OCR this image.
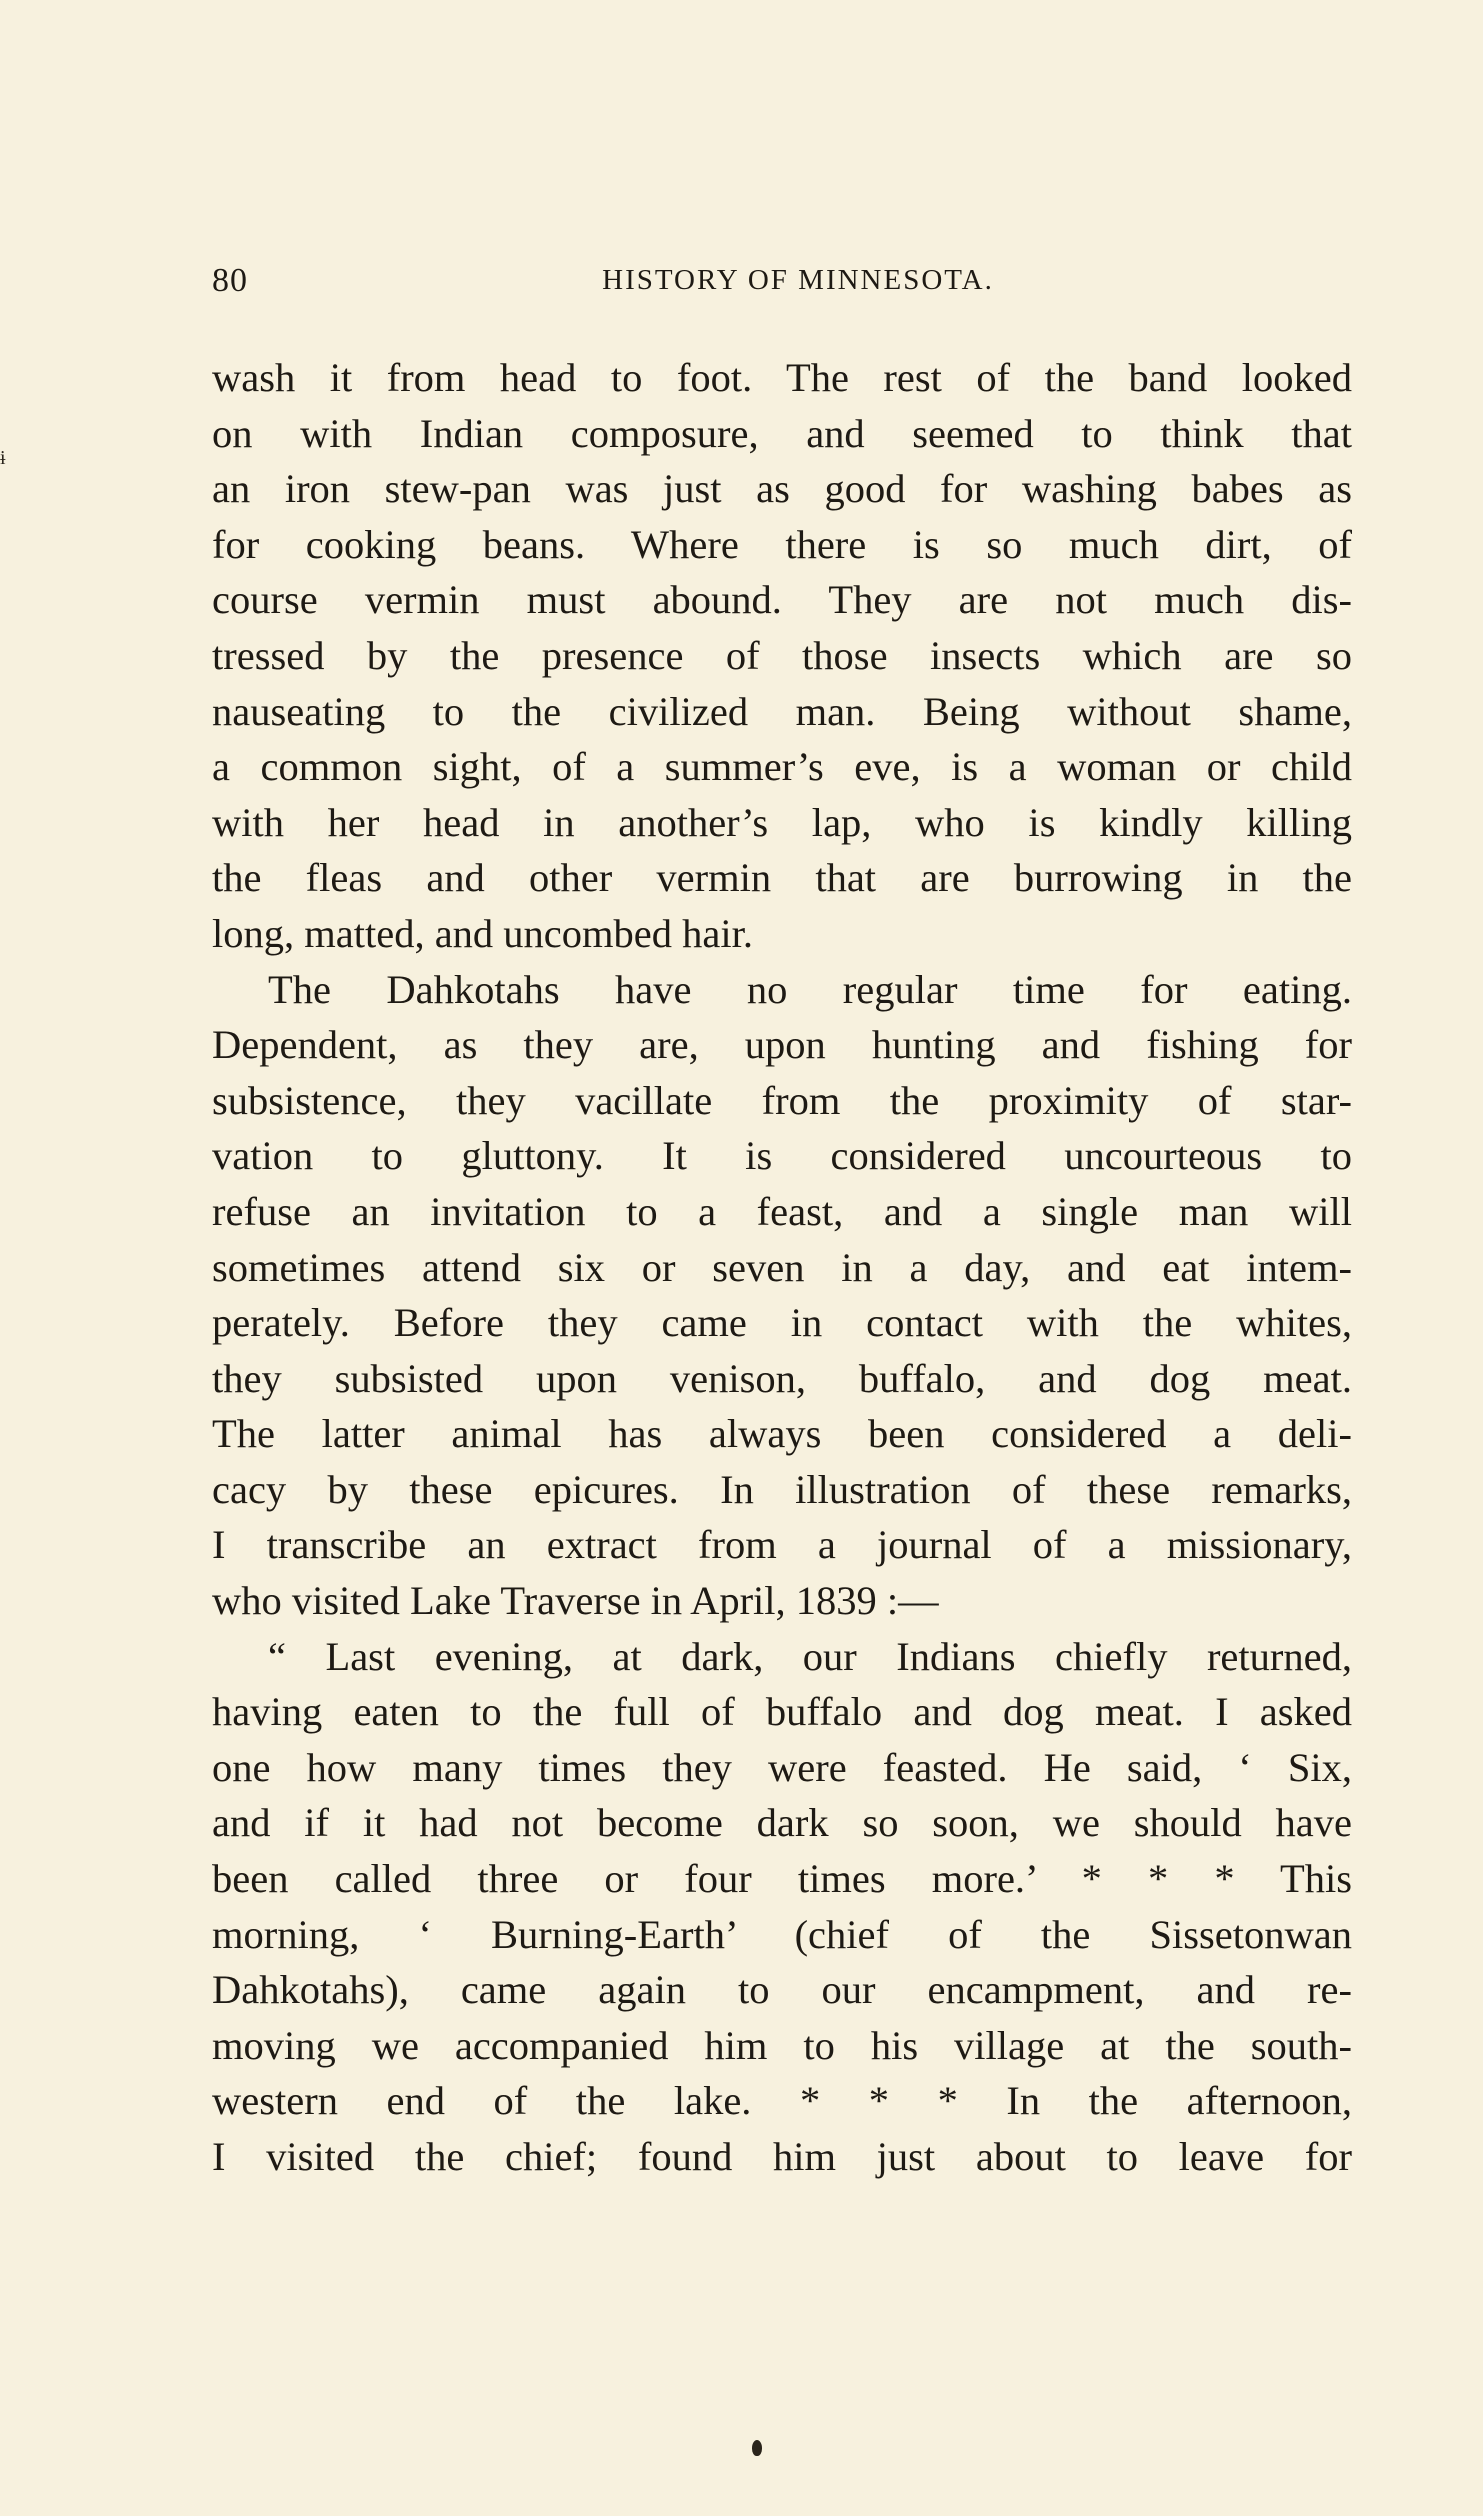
80	HISTORY OF MINNESOTA.
ɨ
wash it from head to foot. The rest of the band looked
on with Indian composure, and seemed to think that
an iron stew-pan was just as good for washing babes as
for cooking beans. Where there is so much dirt, of
course vermin must abound. They are not much dis-
tressed by the presence of those insects which are so
nauseating to the civilized man. Being without shame,
a common sight, of a summer’s eve, is a woman or child
with her head in another’s lap, who is kindly killing
the fleas and other vermin that are burrowing in the
long, matted, and uncombed hair.
The Dahkotahs have no regular time for eating.
Dependent, as they are, upon hunting and fishing for
subsistence, they vacillate from the proximity of star-
vation to gluttony. It is considered uncourteous to
refuse an invitation to a feast, and a single man will
sometimes attend six or seven in a day, and eat intem-
perately. Before they came in contact with the whites,
they subsisted upon venison, buffalo, and dog meat.
The latter animal has always been considered a deli-
cacy by these epicures. In illustration of these remarks,
I transcribe an extract from a journal of a missionary,
who visited Lake Traverse in April, 1839 :—
“ Last evening, at dark, our Indians chiefly returned,
having eaten to the full of buffalo and dog meat. I asked
one how many times they were feasted. He said, ‘ Six,
and if it had not become dark so soon, we should have
been called three or four times more.’ * * * This
morning, ‘ Burning-Earth’ (chief of the Sissetonwan
Dahkotahs), came again to our encampment, and re-
moving we accompanied him to his village at the south-
western end of the lake. * * * In the afternoon,
I visited the chief; found him just about to leave for
